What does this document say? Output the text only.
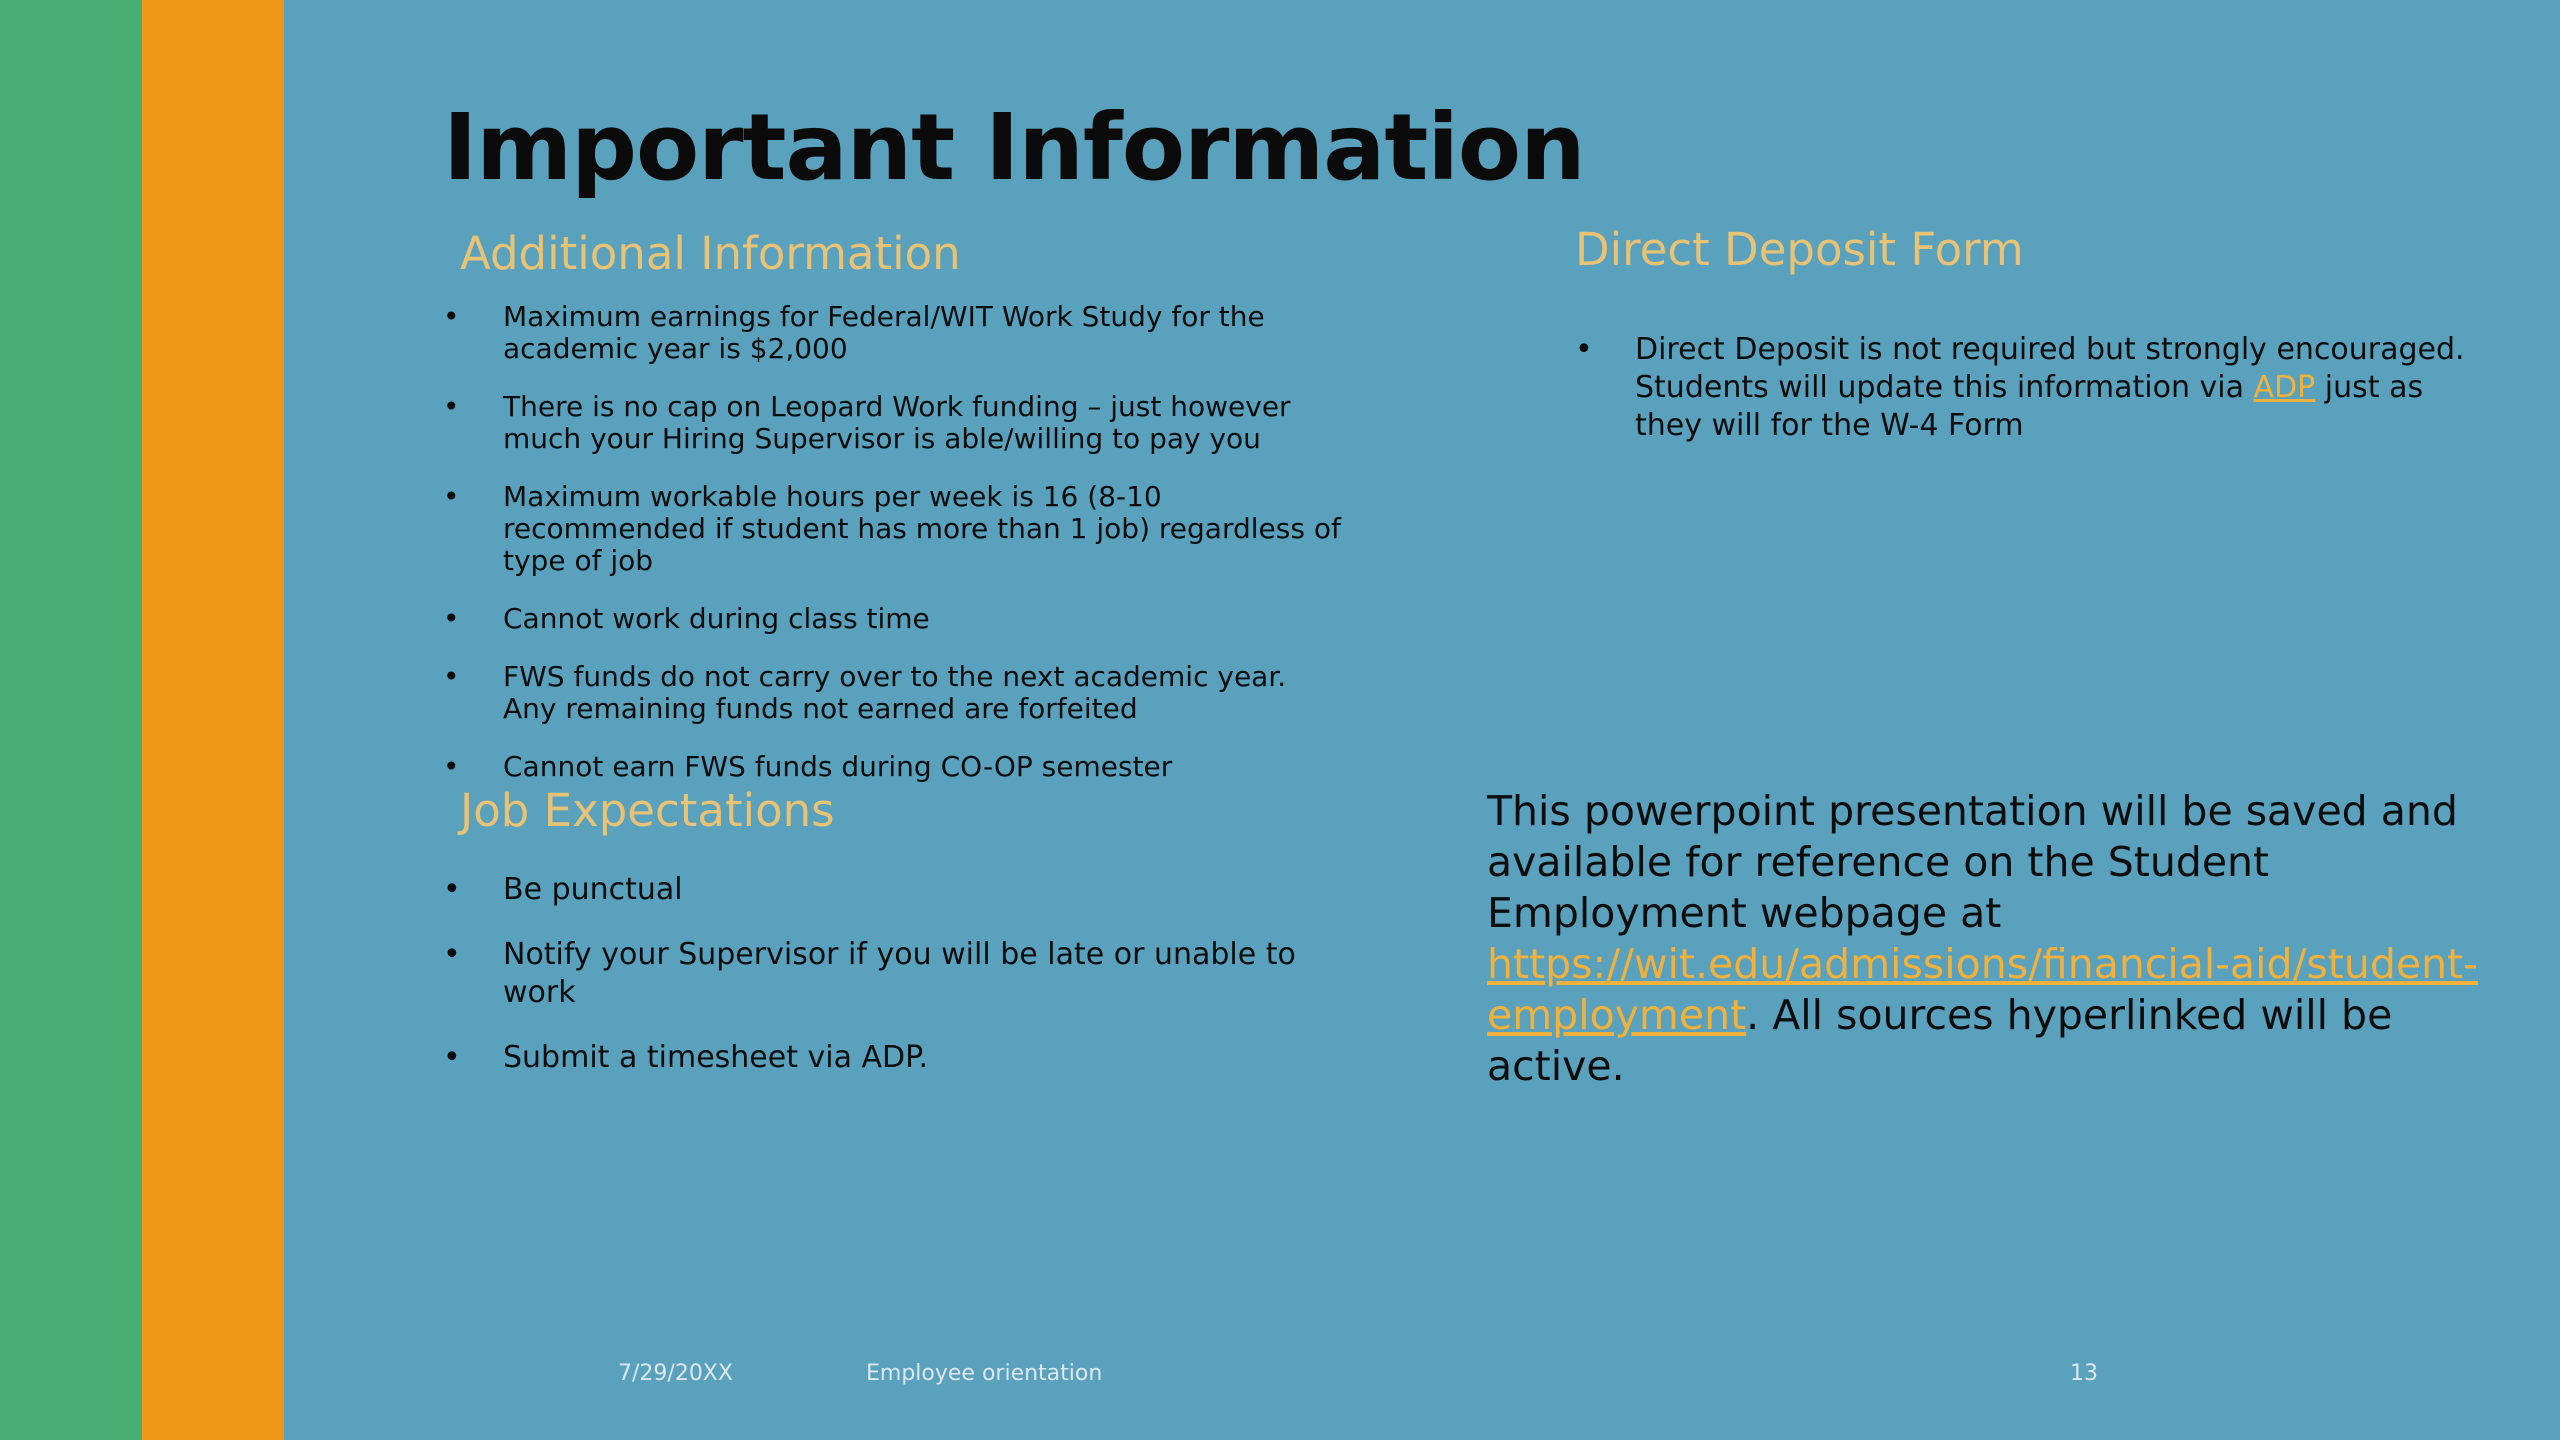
Important Information
Additional Information
• Maximum earnings for Federal/WIT Work Study for the academic year is $2,000
• There is no cap on Leopard Work funding – just however much your Hiring Supervisor is able/willing to pay you
• Maximum workable hours per week is 16 (8-10 recommended if student has more than 1 job) regardless of type of job
• Cannot work during class time
• FWS funds do not carry over to the next academic year. Any remaining funds not earned are forfeited
• Cannot earn FWS funds during CO-OP semester
Job Expectations
• Be punctual
• Notify your Supervisor if you will be late or unable to work
• Submit a timesheet via ADP.
Direct Deposit Form
• Direct Deposit is not required but strongly encouraged. Students will update this information via ADP just as they will for the W-4 Form

This powerpoint presentation will be saved and available for reference on the Student Employment webpage at https://wit.edu/admissions/financial-aid/student-employment. All sources hyperlinked will be active.

7/29/20XX	Employee orientation	13
